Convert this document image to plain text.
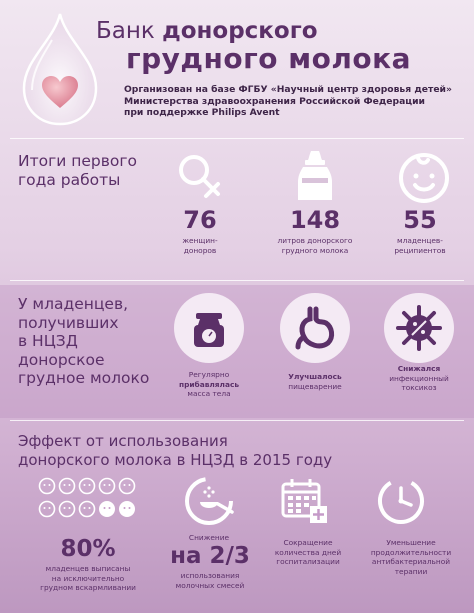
Банк донорского
грудного молока
Организован на базе ФГБУ «Научный центр здоровья детей»
Министерства здравоохранения Российской Федерации
при поддержке Philips Avent
Итоги первого
года работы
76
женщин-
доноров
148
литров донорского
грудного молока
55
младенцев-
реципиентов
У младенцев,
получивших
в НЦЗД
донорское
грудное молоко	Регулярно
прибавлялась
масса тела
Улучшалось
пищеварение
Снижался
инфекционный
токсикоз
Эффект от использования
донорского молока в НЦЗД в 2015 году
80%
младенцев выписаны
на исключительно
грудном вскармливании
Снижение
на 2/3
использования
молочных смесей
Сокращение
количества дней
госпитализации
Уменьшение
продолжительности
антибактериальной
терапии
